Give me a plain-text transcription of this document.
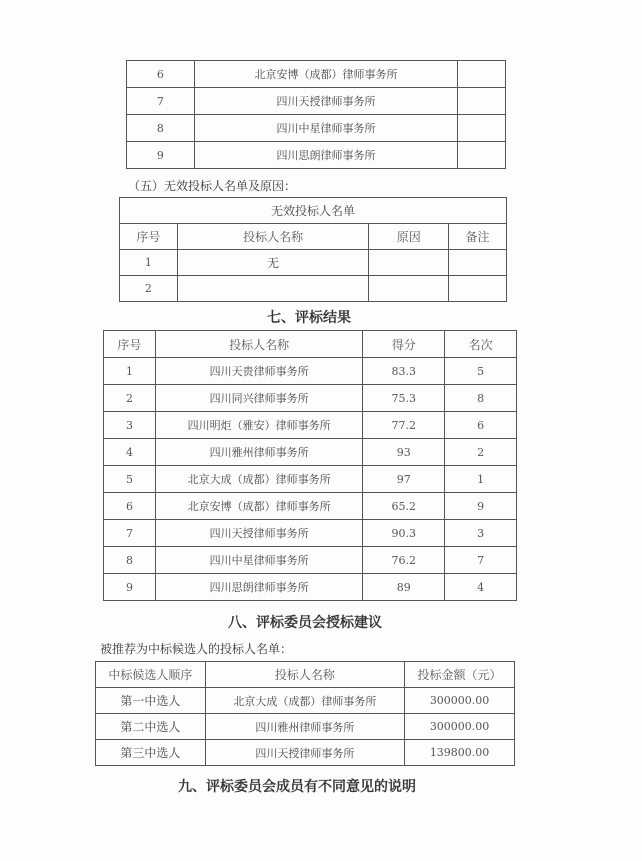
6	北京安博（成都）律师事务所	
7	四川天授律师事务所	
8	四川中星律师事务所	
9	四川思朗律师事务所	
（五）无效投标人名单及原因：
无效投标人名单			
序号	投标人名称	原因	备注
1	无		
2			
七、评标结果
序号	投标人名称	得分	名次
1	四川天贵律师事务所	83.3	5
2	四川同兴律师事务所	75.3	8
3	四川明炬（雅安）律师事务所	77.2	6
4	四川雅州律师事务所	93	2
5	北京大成（成都）律师事务所	97	1
6	北京安博（成都）律师事务所	65.2	9
7	四川天授律师事务所	90.3	3
8	四川中星律师事务所	76.2	7
9	四川思朗律师事务所	89	4
八、评标委员会授标建议
被推荐为中标候选人的投标人名单：
中标候选人顺序	投标人名称	投标金额（元）
第一中选人	北京大成（成都）律师事务所	300000.00
第二中选人	四川雅州律师事务所	300000.00
第三中选人	四川天授律师事务所	139800.00
九、评标委员会成员有不同意见的说明
